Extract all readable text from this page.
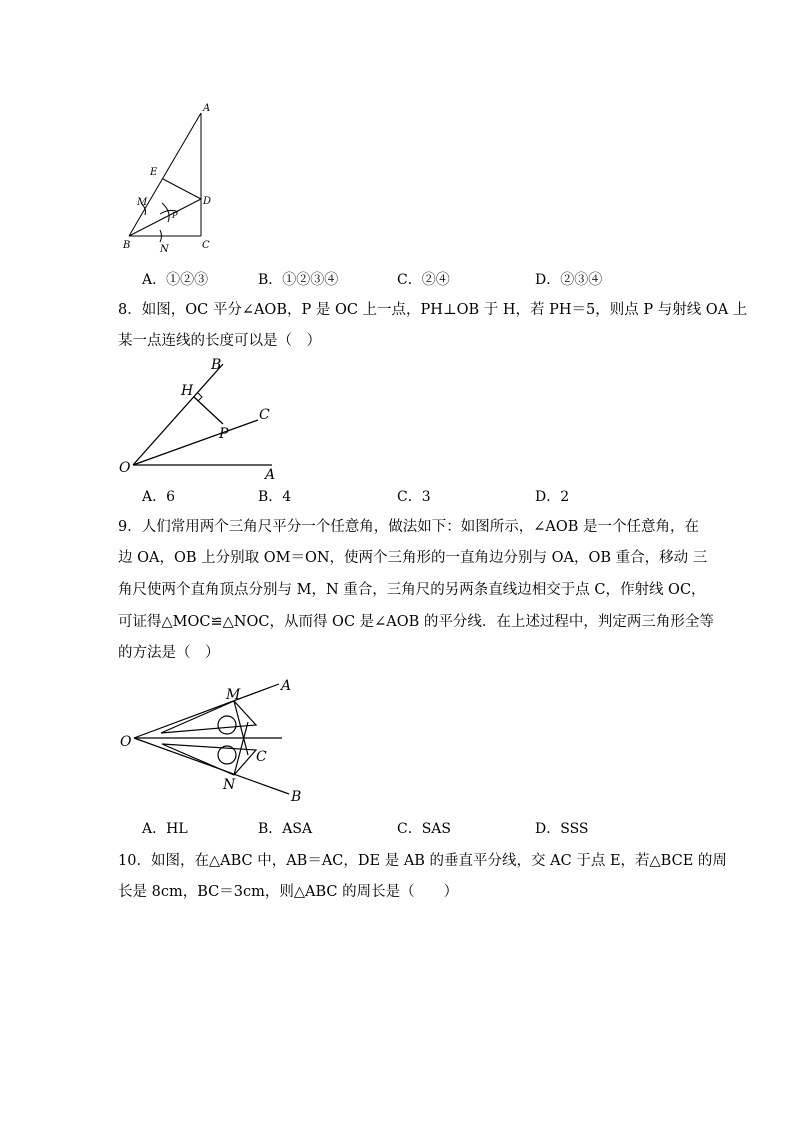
A
E
M	D
P
B	N	C
A．①②③	B．①②③④	C．②④	D．②③④
8．如图，OC 平分∠AOB，P 是 OC 上一点，PH⊥OB 于 H，若 PH＝5，则点 P 与射线 OA 上
某一点连线的长度可以是（　）
B
H
C
P
O	A
A．6	B．4	C．3	D．2
9．人们常用两个三角尺平分一个任意角，做法如下：如图所示，∠AOB 是一个任意角，在
边 OA，OB 上分别取 OM＝ON，使两个三角形的一直角边分别与 OA，OB 重合，移动 三
角尺使两个直角顶点分别与 M，N 重合，三角尺的另两条直线边相交于点 C，作射线 OC，
可证得△MOC≌△NOC，从而得 OC 是∠AOB 的平分线．在上述过程中，判定两三角形全等
的方法是（　）
M
A
O
C
N
B
A．HL	B．ASA	C．SAS	D．SSS
10．如图，在△ABC 中，AB＝AC，DE 是 AB 的垂直平分线，交 AC 于点 E，若△BCE 的周
长是 8cm，BC＝3cm，则△ABC 的周长是（　　）
